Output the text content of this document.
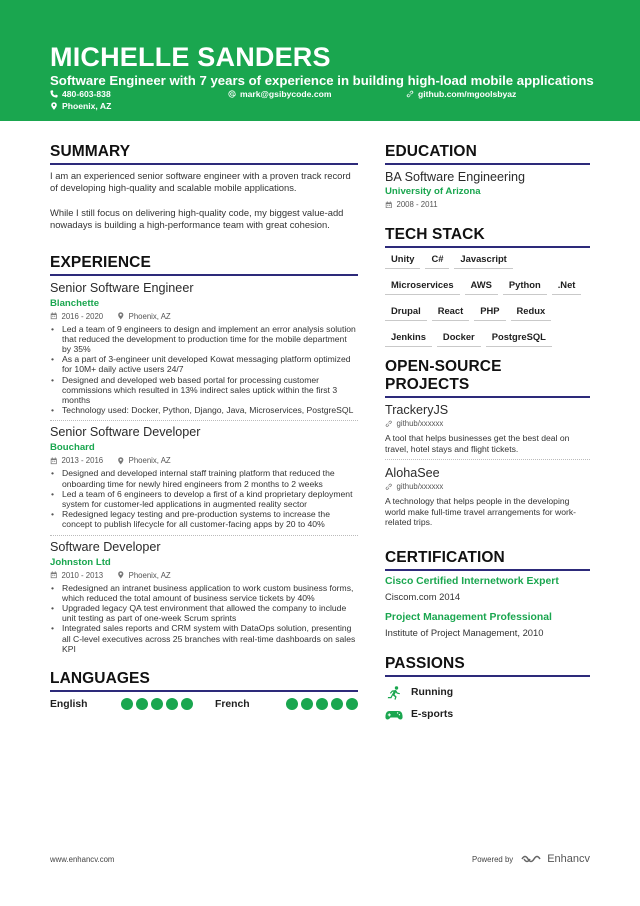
MICHELLE SANDERS
Software Engineer with 7 years of experience in building high-load mobile applications
480-603-838	mark@gsibycode.com	github.com/mgoolsbyaz
Phoenix, AZ
SUMMARY

I am an experienced senior software engineer with a proven track record of developing high-quality and scalable mobile applications.

While I still focus on delivering high-quality code, my biggest value-add nowadays is building a high-performance team with great cohesion.

EXPERIENCE
Senior Software Engineer
Blanchette
2016 - 2020	Phoenix, AZ
• Led a team of 9 engineers to design and implement an error analysis solution that reduced the development to production time for the mobile department by 35%
• As a part of 3-engineer unit developed Kowat messaging platform optimized for 10M+ daily active users 24/7
• Designed and developed web based portal for processing customer commissions which resulted in 13% indirect sales uptick within the first 3 months
• Technology used: Docker, Python, Django, Java, Microservices, PostgreSQL
Senior Software Developer
Bouchard
2013 - 2016	Phoenix, AZ
• Designed and developed internal staff training platform that reduced the onboarding time for newly hired engineers from 2 months to 2 weeks
• Led a team of 6 engineers to develop a first of a kind proprietary deployment system for customer-led applications in augmented reality sector
• Redesigned legacy testing and pre-production systems to increase the concept to publish lifecycle for all customer-facing apps by 20 to 40%
Software Developer
Johnston Ltd
2010 - 2013	Phoenix, AZ
• Redesigned an intranet business application to work custom business forms, which reduced the total amount of business service tickets by 40%
• Upgraded legacy QA test environment that allowed the company to include unit testing as part of one-week Scrum sprints
• Integrated sales reports and CRM system with DataOps solution, presenting all C-level executives across 25 branches with real-time dashboards on sales KPI
LANGUAGES
English	French
EDUCATION
BA Software Engineering
University of Arizona
2008 - 2011
TECH STACK
Unity	C#	Javascript
Microservices	AWS	Python	.Net
Drupal	React	PHP	Redux
Jenkins	Docker	PostgreSQL
OPEN-SOURCE PROJECTS
TrackeryJS
github/xxxxxx
A tool that helps businesses get the best deal on travel, hotel stays and flight tickets.
AlohaSee
github/xxxxxx
A technology that helps people in the developing world make full-time travel arrangements for work-related trips.
CERTIFICATION
Cisco Certified Internetwork Expert
Ciscom.com 2014
Project Management Professional
Institute of Project Management, 2010
PASSIONS
Running
E-sports
www.enhancv.com	Powered by	Enhancv
